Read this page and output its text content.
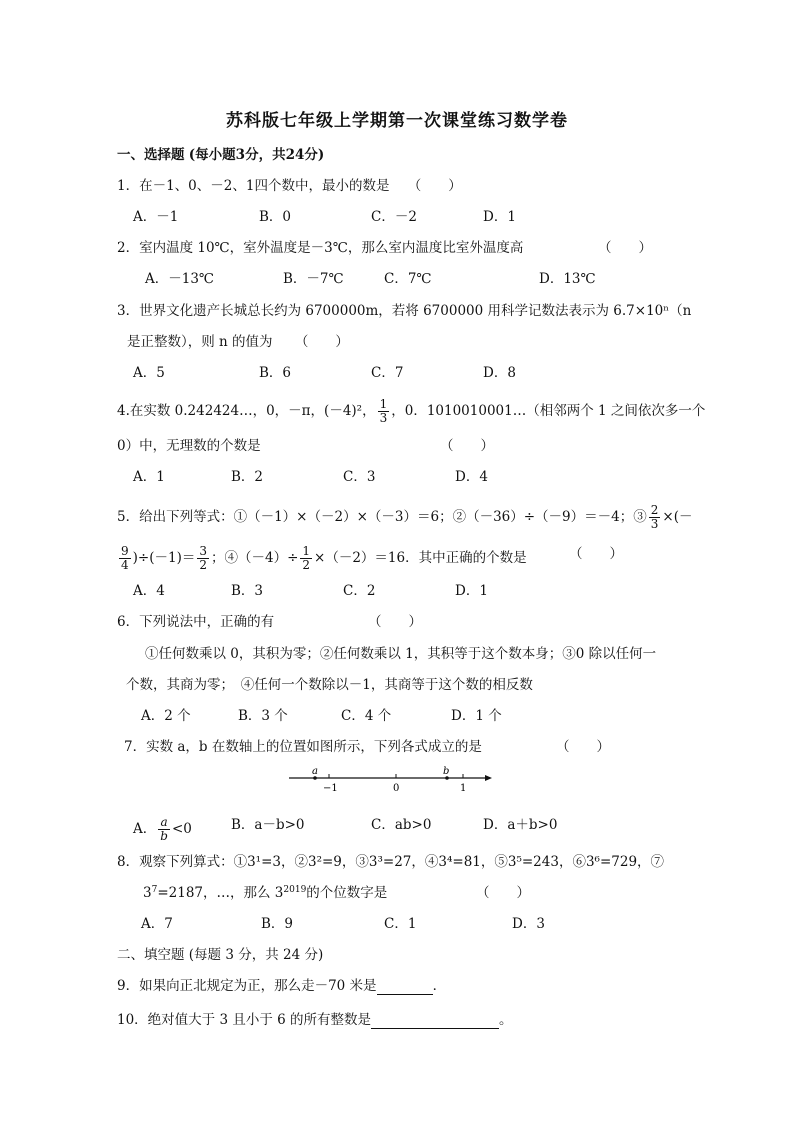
苏科版七年级上学期第一次课堂练习数学卷
一、选择题 (每小题3分，共24分)
1．在－1、0、－2、1四个数中，最小的数是 （　　）
A．－1	B．0	C．－2	D．1
2．室内温度 10℃，室外温度是－3℃，那么室内温度比室外温度高	（　　）
A．－13℃	B．－7℃	C．7℃	D．13℃
3．世界文化遗产长城总长约为 6700000m，若将 6700000 用科学记数法表示为 6.7×10ⁿ（n
是正整数），则 n 的值为 （　　）
A．5	B．6	C．7	D．8
4.在实数 0.242424…，0，－π，(－4)²， $\frac{1}{3}$ ，0．1010010001…（相邻两个 1 之间依次多一个
0）中，无理数的个数是	（　　）
A．1	B．2	C．3	D．4
5．给出下列等式：①（－1）×（－2）×（－3）＝6；②（－36）÷（－9）＝－4；③ $\frac{2}{3}$ ×(－
$\frac{9}{4} )\div(-1)= \frac{3}{2}$ ；④（－4）÷ $\frac{1}{2} \times(-2)=16$．其中正确的个数是	（　　）
A．4	B．3	C．2	D．1
6．下列说法中，正确的有	（　　）
①任何数乘以 0，其积为零；②任何数乘以 1，其积等于这个数本身；③0 除以任何一
个数，其商为零；　④任何一个数除以－1，其商等于这个数的相反数
A．2 个	B．3 个	C．4 个	D．1 个
7．实数 a，b 在数轴上的位置如图所示，下列各式成立的是	（　　）
a	b
−1	0	1
A． $\frac{a}{b} <0$	B．a－b>0	C．ab>0	D．a＋b>0
8．观察下列算式：①3¹=3，②3²=9，③3³=27，④3⁴=81，⑤3⁵=243，⑥3⁶=729，⑦
$3^7=2187$，…，那么 $3^{2019}$的个位数字是	（　　）
A．7	B．9	C．1	D．3
二、填空题 (每题 3 分，共 24 分)
9．如果向正北规定为正，那么走－70 米是	．
10．绝对值大于 3 且小于 6 的所有整数是	。
